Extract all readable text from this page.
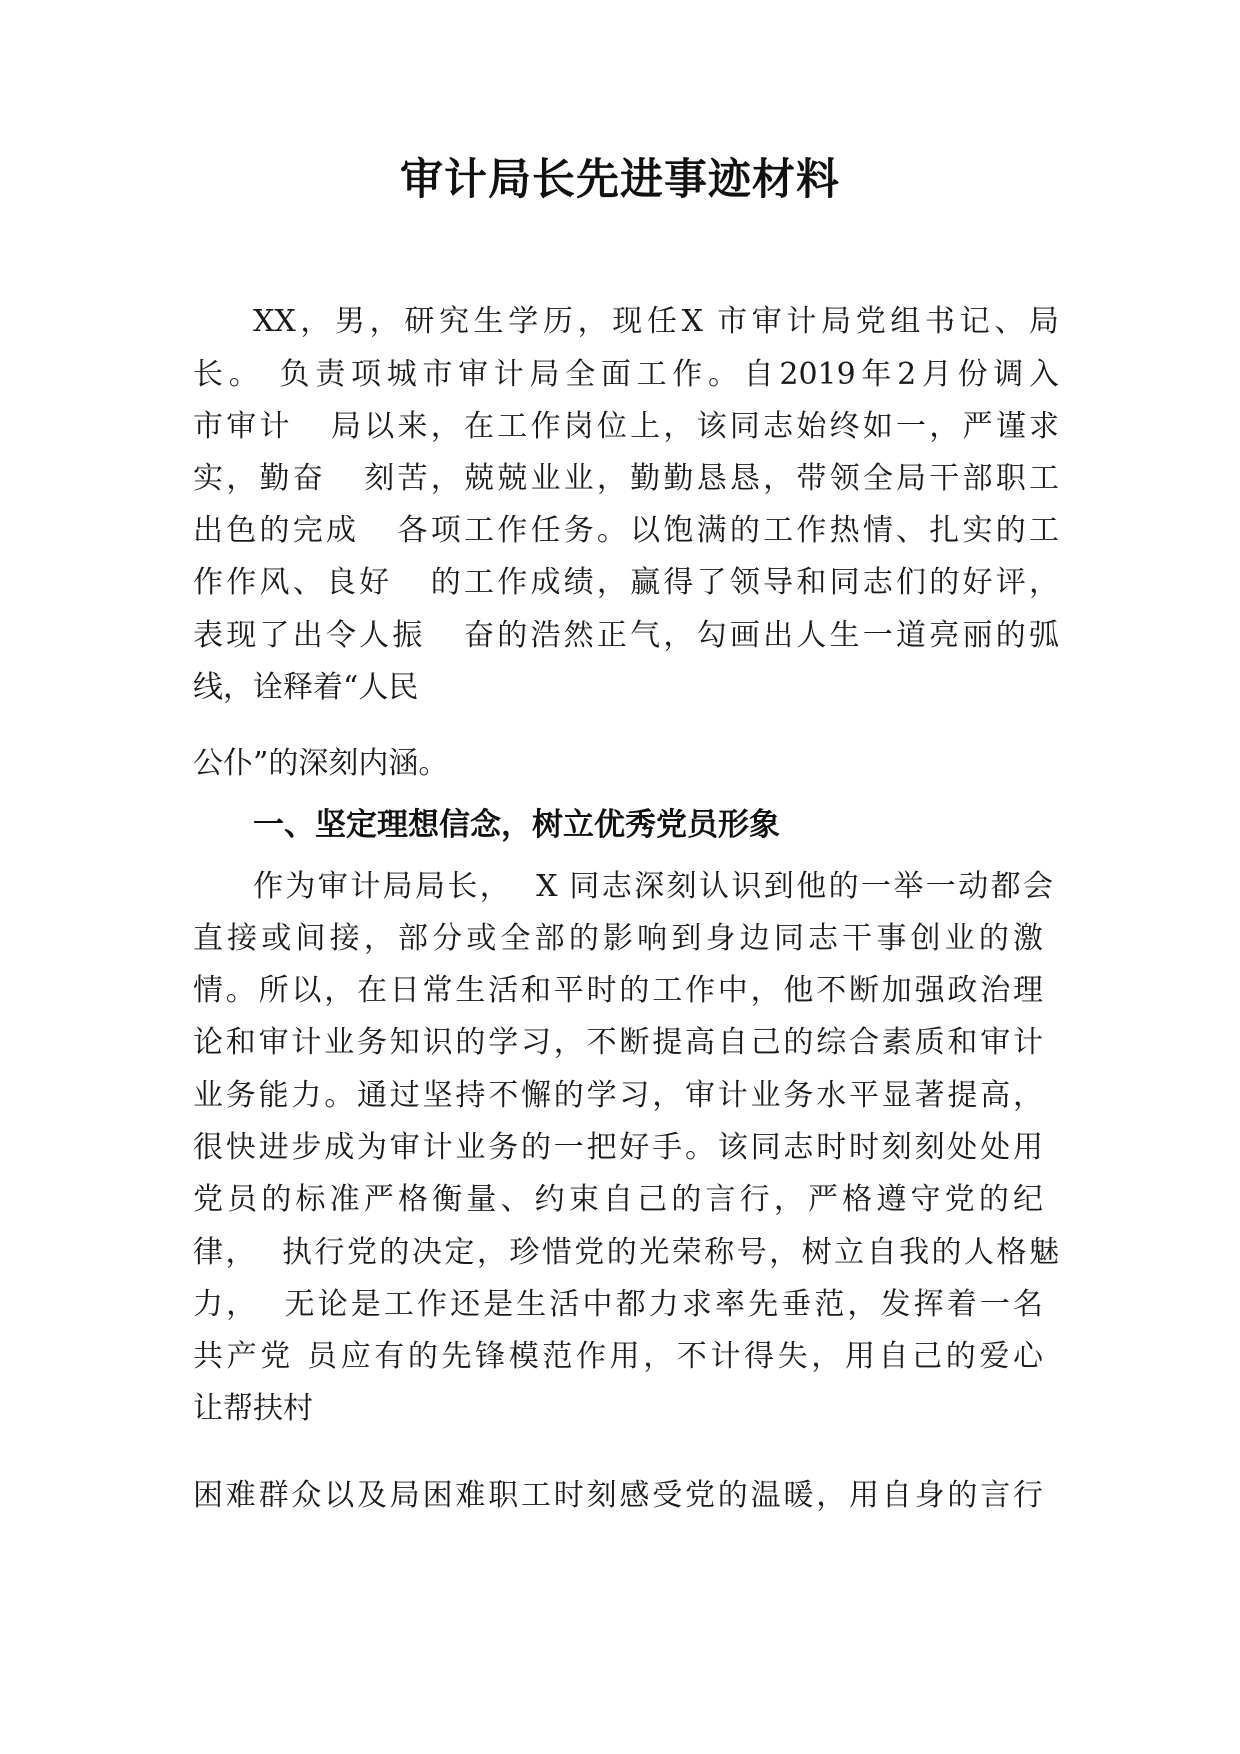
审计局长先进事迹材料
XX，男，研究生学历，现任X 市审计局党组书记、局
长。 负责项城市审计局全面工作。自2019年2月份调入
市审计   局以来，在工作岗位上，该同志始终如一，严谨求
实，勤奋   刻苦，兢兢业业，勤勤恳恳，带领全局干部职工
出色的完成   各项工作任务。以饱满的工作热情、扎实的工
作作风、良好   的工作成绩，赢得了领导和同志们的好评，
表现了出令人振   奋的浩然正气，勾画出人生一道亮丽的弧
线，诠释着“人民
公仆”的深刻内涵。
一、坚定理想信念，树立优秀党员形象
作为审计局局长，  X 同志深刻认识到他的一举一动都会
直接或间接，部分或全部的影响到身边同志干事创业的激
情。所以，在日常生活和平时的工作中，他不断加强政治理
论和审计业务知识的学习，不断提高自己的综合素质和审计
业务能力。通过坚持不懈的学习，审计业务水平显著提高，
很快进步成为审计业务的一把好手。该同志时时刻刻处处用
党员的标准严格衡量、约束自己的言行，严格遵守党的纪
律，  执行党的决定，珍惜党的光荣称号，树立自我的人格魅
力，  无论是工作还是生活中都力求率先垂范，发挥着一名
共产党 员应有的先锋模范作用，不计得失，用自己的爱心
让帮扶村
困难群众以及局困难职工时刻感受党的温暖，用自身的言行
